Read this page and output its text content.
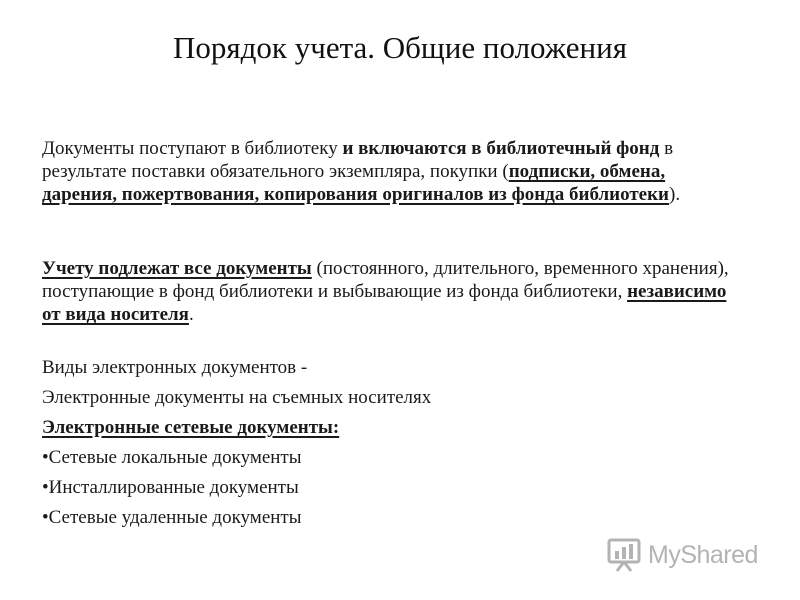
Порядок учета. Общие положения

Документы поступают в библиотеку и включаются в библиотечный фонд в результате поставки обязательного экземпляра, покупки (подписки, обмена, дарения, пожертвования, копирования оригиналов из фонда библиотеки).

Учету подлежат все документы (постоянного, длительного, временного хранения), поступающие в фонд библиотеки и выбывающие из фонда библиотеки, независимо от вида носителя.

Виды электронных документов -
Электронные документы на съемных носителях
Электронные сетевые документы:
•Сетевые локальные документы
•Инсталлированные документы
•Сетевые удаленные документы
MyShared
